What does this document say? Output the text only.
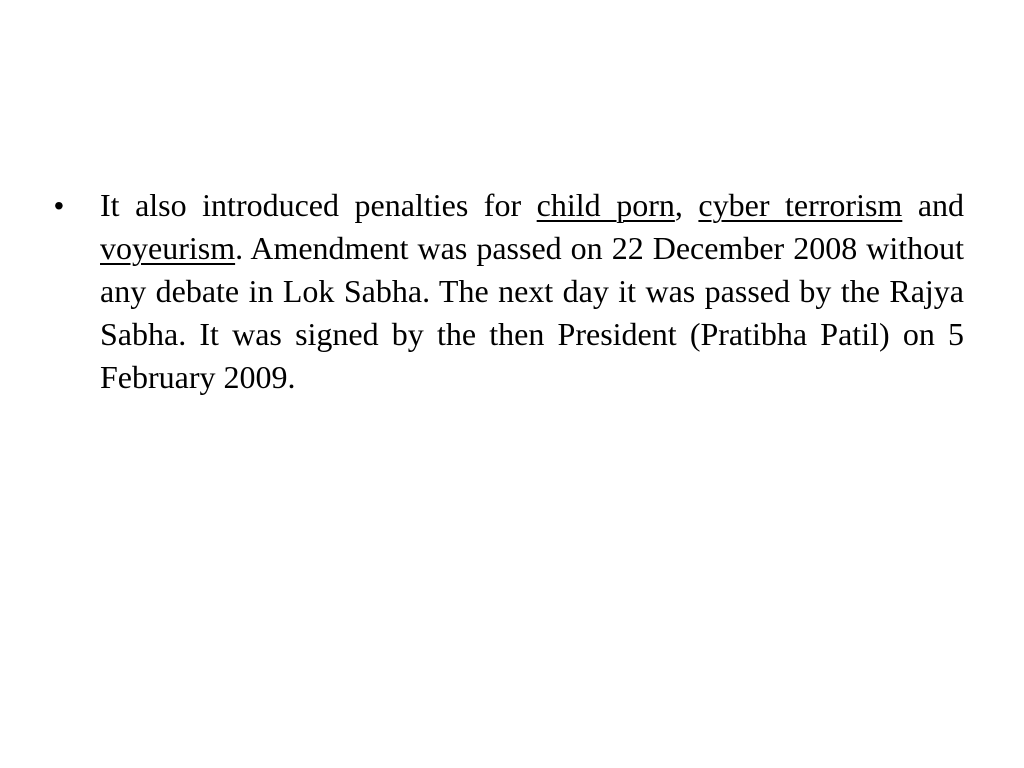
•	It also introduced penalties for child porn, cyber terrorism and voyeurism. Amendment was passed on 22 December 2008 without any debate in Lok Sabha. The next day it was passed by the Rajya Sabha. It was signed by the then President (Pratibha Patil) on 5 February 2009.
